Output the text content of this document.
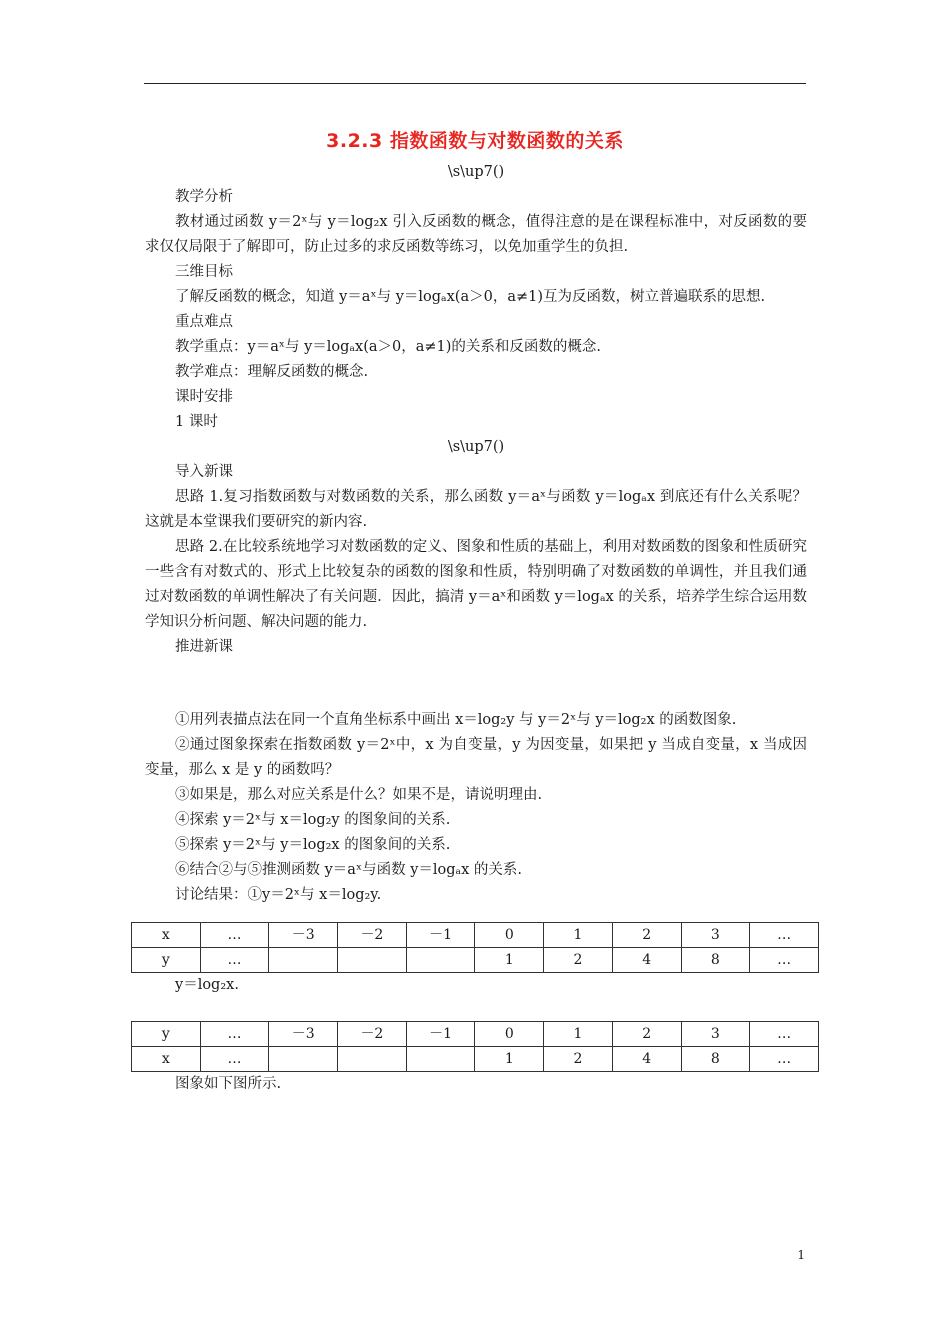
3.2.3 指数函数与对数函数的关系

\s\up7()

教学分析

教材通过函数 y＝2ˣ与 y＝log₂x 引入反函数的概念，值得注意的是在课程标准中，对反函数的要求仅仅局限于了解即可，防止过多的求反函数等练习，以免加重学生的负担.

三维目标

了解反函数的概念，知道 y＝aˣ与 y＝logₐx(a＞0，a≠1)互为反函数，树立普遍联系的思想.

重点难点

教学重点：y＝aˣ与 y＝logₐx(a＞0，a≠1)的关系和反函数的概念.

教学难点：理解反函数的概念.

课时安排

1 课时

\s\up7()

导入新课

思路 1.复习指数函数与对数函数的关系，那么函数 y＝aˣ与函数 y＝logₐx 到底还有什么关系呢？这就是本堂课我们要研究的新内容.

思路 2.在比较系统地学习对数函数的定义、图象和性质的基础上，利用对数函数的图象和性质研究一些含有对数式的、形式上比较复杂的函数的图象和性质，特别明确了对数函数的单调性，并且我们通过对数函数的单调性解决了有关问题．因此，搞清 y＝aˣ和函数 y＝logₐx 的关系，培养学生综合运用数学知识分析问题、解决问题的能力.

推进新课

①用列表描点法在同一个直角坐标系中画出 x＝log₂y 与 y＝2ˣ与 y＝log₂x 的函数图象.

②通过图象探索在指数函数 y＝2ˣ中，x 为自变量，y 为因变量，如果把 y 当成自变量，x 当成因变量，那么 x 是 y 的函数吗？

③如果是，那么对应关系是什么？如果不是，请说明理由.

④探索 y＝2ˣ与 x＝log₂y 的图象间的关系.

⑤探索 y＝2ˣ与 y＝log₂x 的图象间的关系.

⑥结合②与⑤推测函数 y＝aˣ与函数 y＝logₐx 的关系.

讨论结果：①y＝2ˣ与 x＝log₂y.

x	…	－3	－2	－1	0	1	2	3	…
y	…				1	2	4	8	…

y＝log₂x.

y	…	－3	－2	－1	0	1	2	3	…
x	…				1	2	4	8	…

图象如下图所示.

1
